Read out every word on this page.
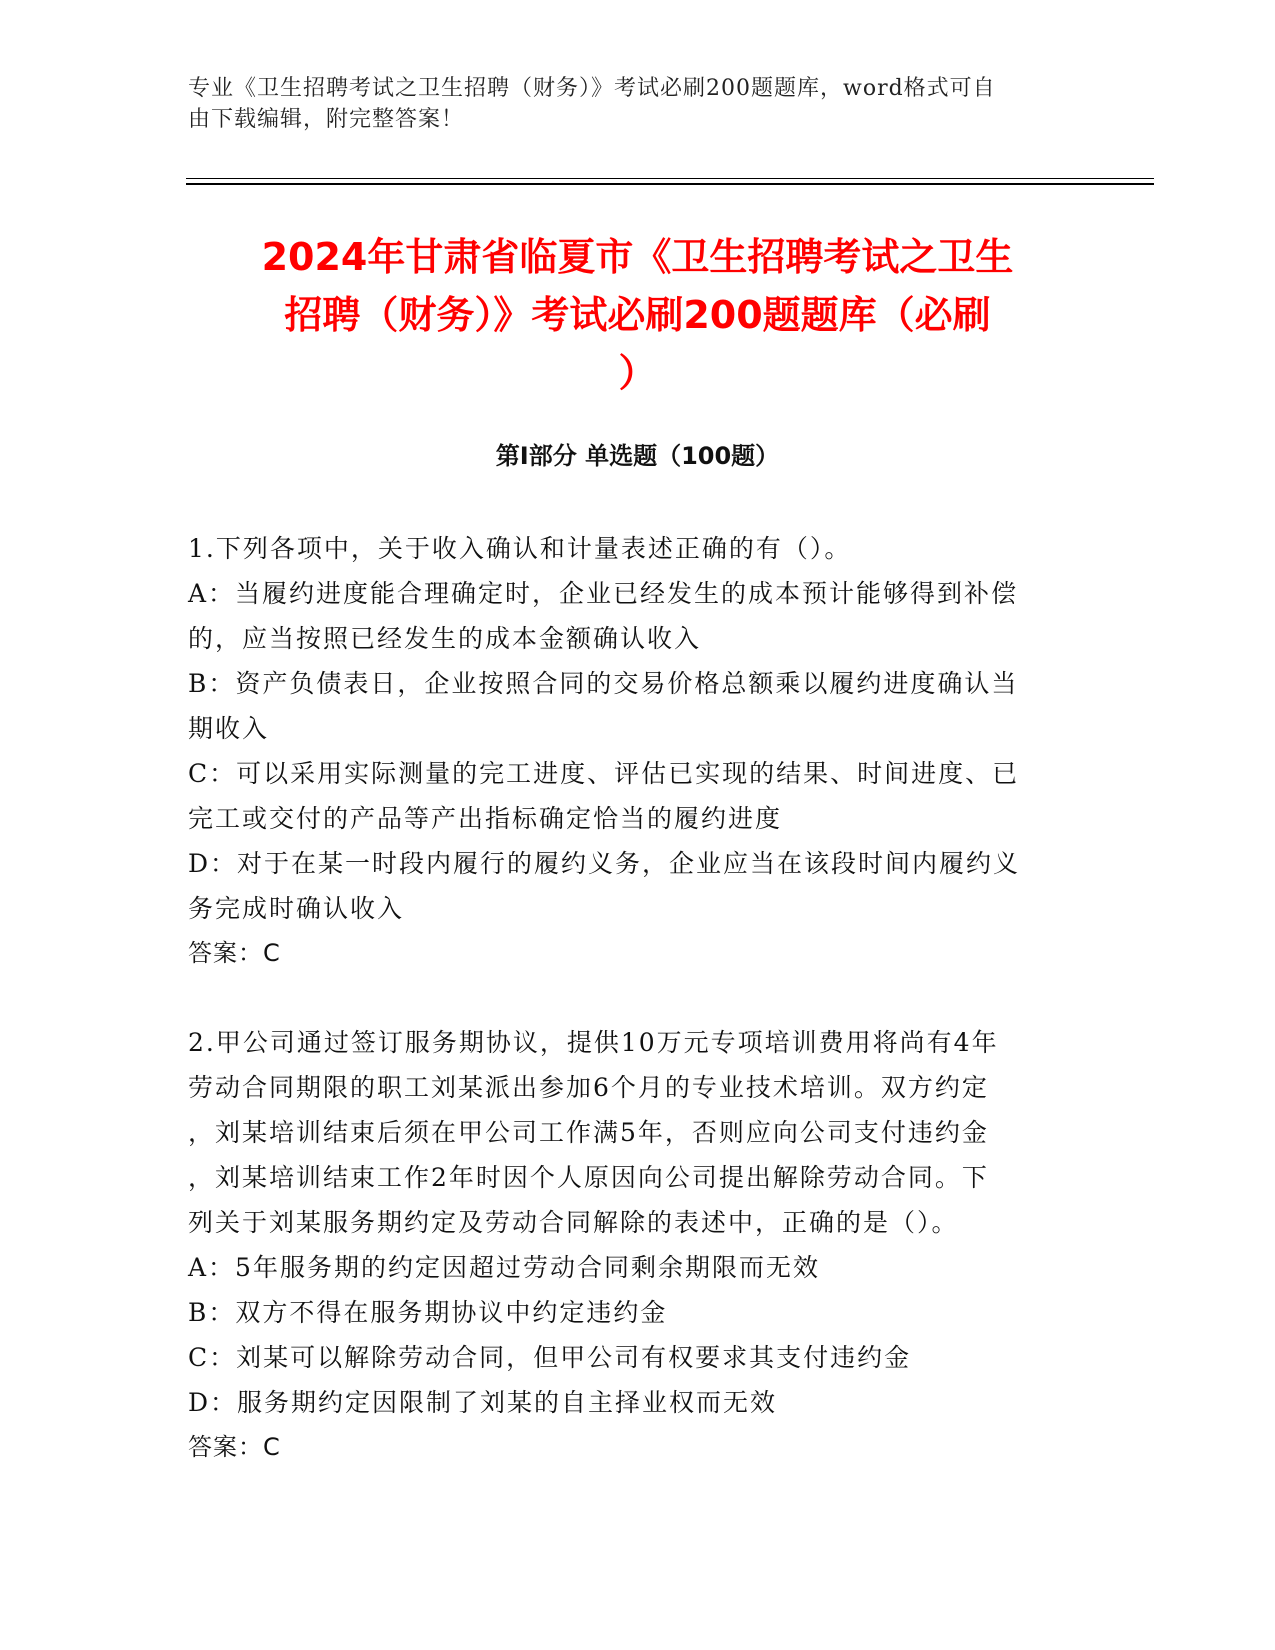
专业《卫生招聘考试之卫生招聘（财务）》考试必刷200题题库，word格式可自
由下载编辑，附完整答案！
2024年甘肃省临夏市《卫生招聘考试之卫生
招聘（财务）》考试必刷200题题库（必刷
）
第I部分 单选题（100题）
1.下列各项中，关于收入确认和计量表述正确的有（）。
A：当履约进度能合理确定时，企业已经发生的成本预计能够得到补偿
的，应当按照已经发生的成本金额确认收入
B：资产负债表日，企业按照合同的交易价格总额乘以履约进度确认当
期收入
C：可以采用实际测量的完工进度、评估已实现的结果、时间进度、已
完工或交付的产品等产出指标确定恰当的履约进度
D：对于在某一时段内履行的履约义务，企业应当在该段时间内履约义
务完成时确认收入
答案：C
2.甲公司通过签订服务期协议，提供10万元专项培训费用将尚有4年
劳动合同期限的职工刘某派出参加6个月的专业技术培训。双方约定
，刘某培训结束后须在甲公司工作满5年，否则应向公司支付违约金
，刘某培训结束工作2年时因个人原因向公司提出解除劳动合同。下
列关于刘某服务期约定及劳动合同解除的表述中，正确的是（）。
A：5年服务期的约定因超过劳动合同剩余期限而无效
B：双方不得在服务期协议中约定违约金
C：刘某可以解除劳动合同，但甲公司有权要求其支付违约金
D：服务期约定因限制了刘某的自主择业权而无效
答案：C
